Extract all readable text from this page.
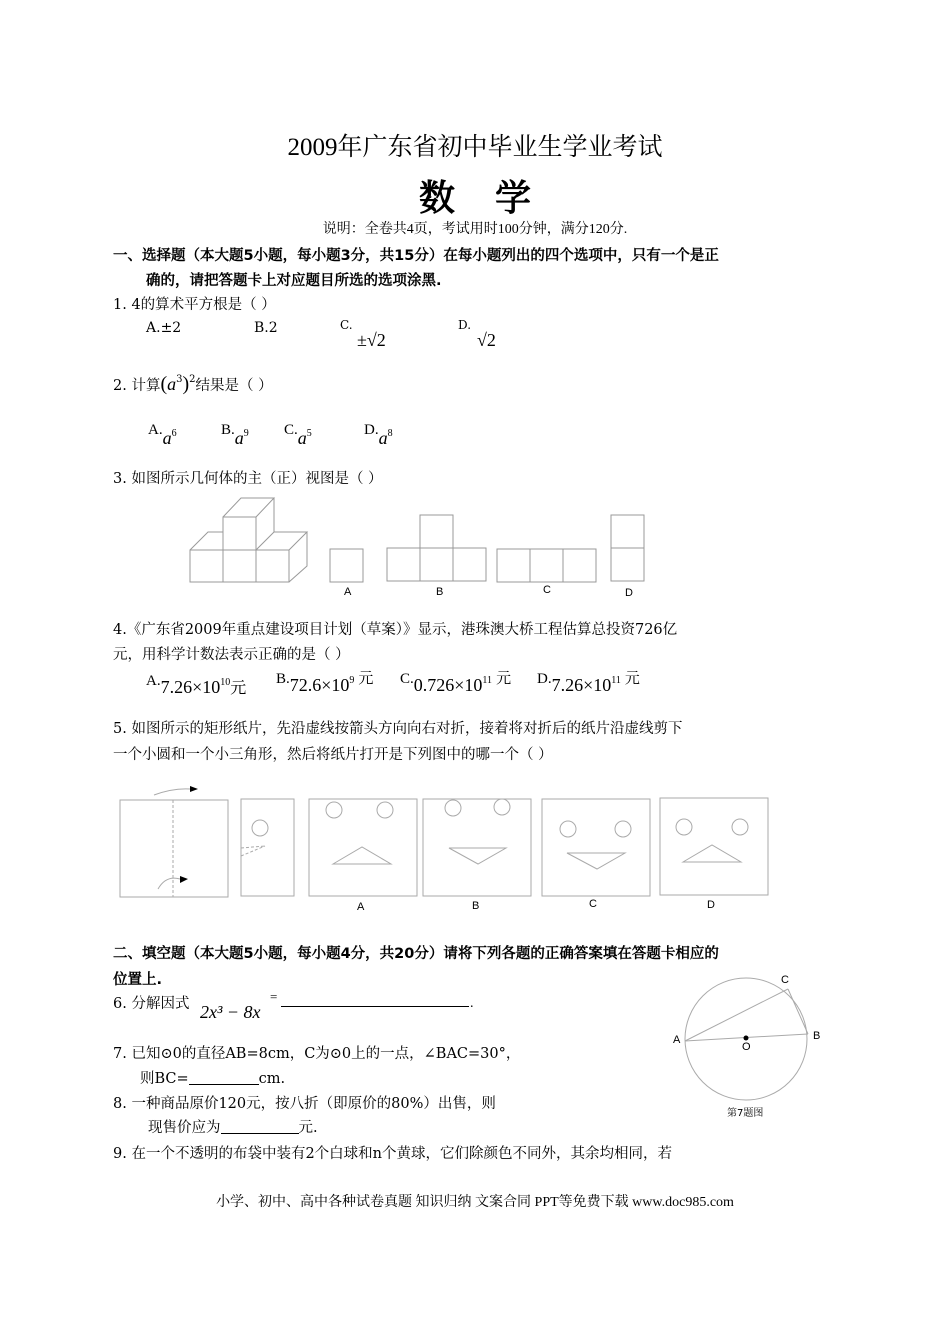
2009年广东省初中毕业生学业考试
数学
说明：全卷共4页，考试用时100分钟，满分120分.
一、选择题（本大题5小题，每小题3分，共15分）在每小题列出的四个选项中，只有一个是正
确的，请把答题卡上对应题目所选的选项涂黑.
1. 4的算术平方根是（ ）
A.±2	B.2	C.
±√2
D.
√2
2. 计算$(a^3)^2$结果是（ ）
$A.a^6$	$B.a^9$ $C.a^5$	$D.a^8$
3. 如图所示几何体的主（正）视图是（ ）
A	B	C	D
4.《广东省2009年重点建设项目计划（草案）》显示，港珠澳大桥工程估算总投资726亿
元，用科学计数法表示正确的是（ ）
A.7.26×1010元
B.72.6×109 元 C.0.726×1011 元 D.7.26×1011 元
5. 如图所示的矩形纸片，先沿虚线按箭头方向向右对折，接着将对折后的纸片沿虚线剪下
一个小圆和一个小三角形，然后将纸片打开是下列图中的哪一个（ ）
A	B	C	D
二、填空题（本大题5小题，每小题4分，共20分）请将下列各题的正确答案填在答题卡相应的
位置上.
6. 分解因式 2x³ − 8x
=	.
7. 已知⊙0的直径AB=8cm，C为⊙0上的一点，∠BAC=30°，
则BC=	cm.
A	B
C
O
第7题图
8. 一种商品原价120元，按八折（即原价的80%）出售，则
现售价应为	元.
9. 在一个不透明的布袋中装有2个白球和n个黄球，它们除颜色不同外，其余均相同，若
小学、初中、高中各种试卷真题 知识归纳 文案合同 PPT等免费下载 www.doc985.com
